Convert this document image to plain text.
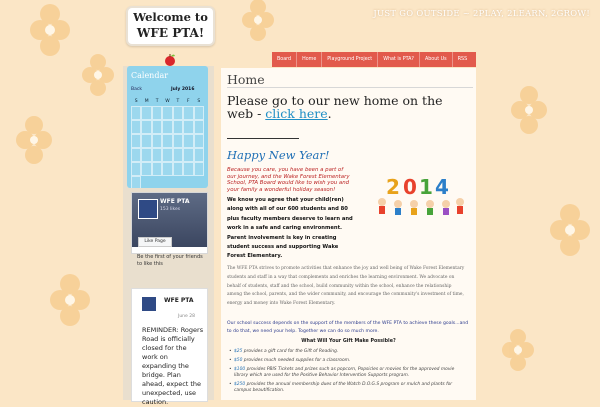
Welcome to
WFE PTA!
JUST GO OUTSIDE ~ 2PLAY, 2LEARN, 2GROW!
Board	Home	Playground Project	What is PTA?	About Us	RSS
Calendar
Back	July 2016
S	M	T	W	T	F	S
WFE PTA
153 likes
Like Page
Be the first of your friends to like this
WFE PTA
June 28
REMINDER: Rogers Road is officially closed for the work on expanding the bridge. Plan ahead, expect the unexpected, use caution.
Home
Please go to our new home on the web - click here.
Happy New Year!
Because you care, you have been a part of our journey, and the Wake Forest Elementary School, PTA Board would like to wish you and your family a wonderful holiday season!
We know you agree that your child(ren) along with all of our 600 students and 80 plus faculty members deserve to learn and work in a safe and caring environment. Parent involvement is key in creating student success and supporting Wake Forest Elementary.
2 0 1 4
The WFE PTA strives to promote activities that enhance the joy and well being of Wake Forest Elementary students and staff in a way that complements and enriches the learning environment. We advocate on behalf of students, staff and the school, build community within the school, enhance the relationship among the school, parents, and the wider community, and encourage the community's investment of time, energy and money into Wake Forest Elementary.
Our school success depends on the support of the members of the WFE PTA to achieve these goals...and to do that, we need your help. Together we can do so much more.
What Will Your Gift Make Possible?
• $25 provides a gift card for the Gift of Reading.
• $50 provides much needed supplies for a classroom.
• $100 provides PBIS Tickets and prizes such as popcorn, Popsicles or movies for the approved movie library which are used for the Positive Behavior Intervention Supports program.
• $250 provides the annual membership dues of the Watch D.O.G.S program or mulch and plants for campus beautification.
